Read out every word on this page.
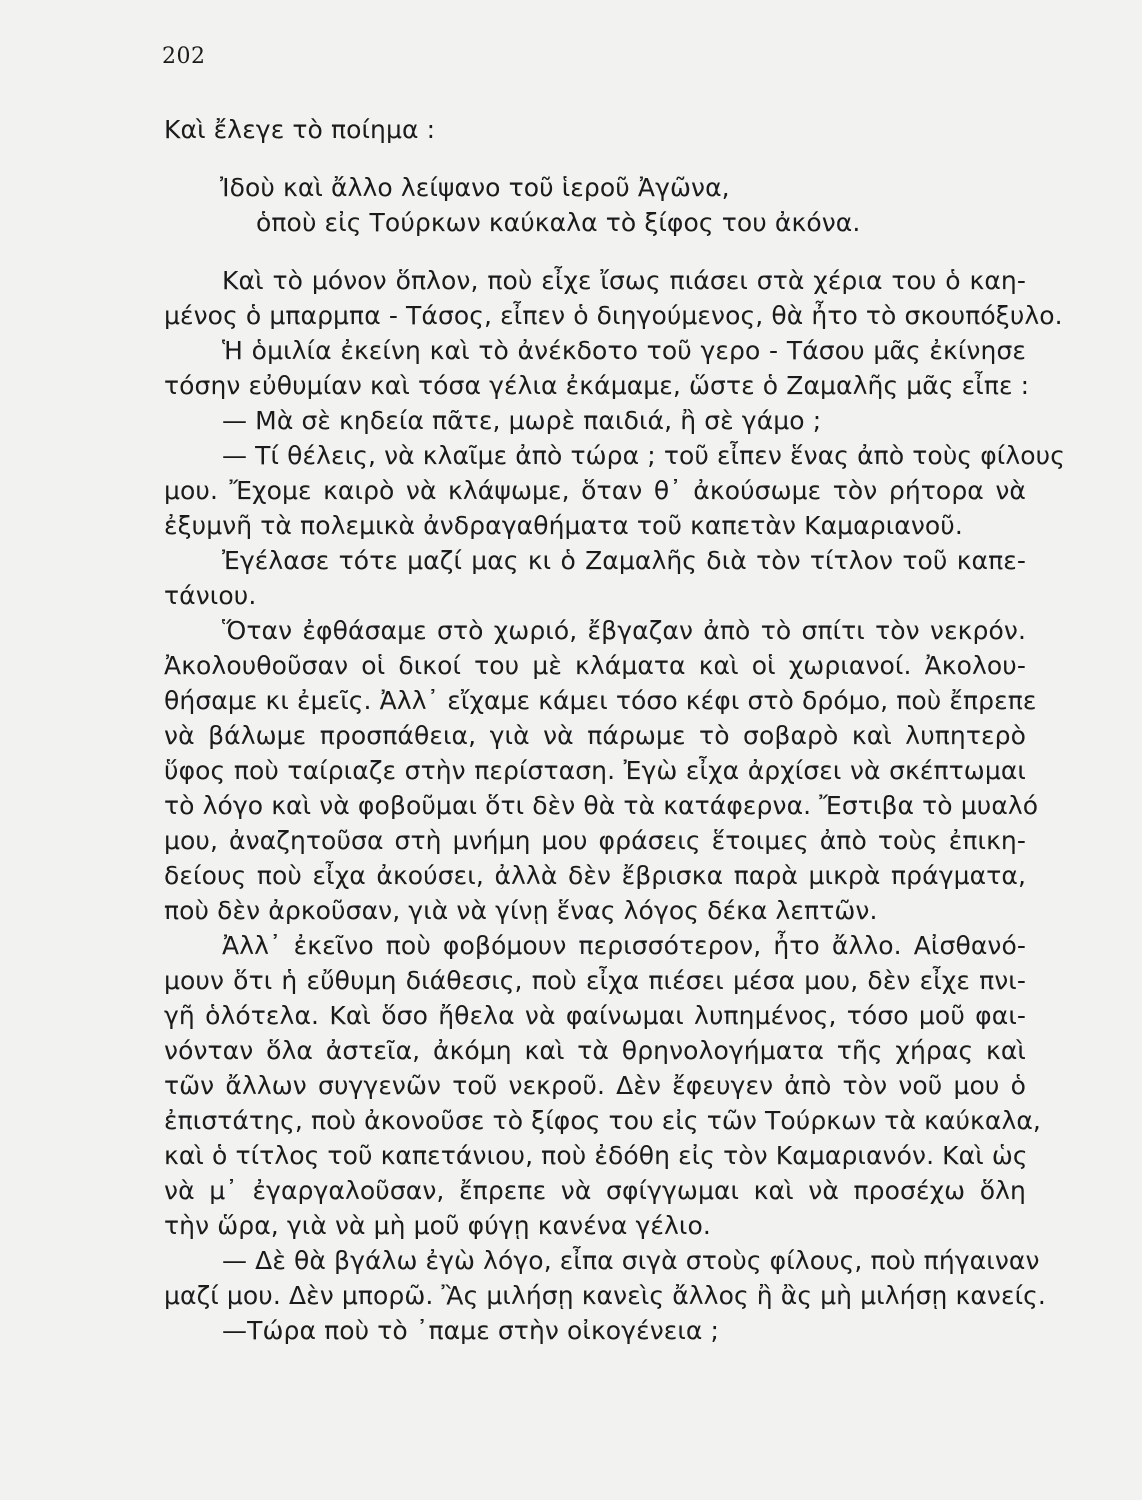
202
Καὶ ἔλεγε τὸ ποίημα :
Ἰδοὺ καὶ ἄλλο λείψανο τοῦ ἱεροῦ Ἀγῶνα,
ὁποὺ εἰς Τούρκων καύκαλα τὸ ξίφος του ἀκόνα.
Καὶ τὸ μόνον ὅπλον, ποὺ εἶχε ἴσως πιάσει στὰ χέρια του ὁ καη-
μένος ὁ μπαρμπα - Τάσος, εἶπεν ὁ διηγούμενος, θὰ ἦτο τὸ σκουπόξυλο.
Ἡ ὁμιλία ἐκείνη καὶ τὸ ἀνέκδοτο τοῦ γερο - Τάσου μᾶς ἐκίνησε
τόσην εὐθυμίαν καὶ τόσα γέλια ἐκάμαμε, ὥστε ὁ Ζαμαλῆς μᾶς εἶπε :
— Μὰ σὲ κηδεία πᾶτε, μωρὲ παιδιά, ἢ σὲ γάμο ;
— Τί θέλεις, νὰ κλαῖμε ἀπὸ τώρα ; τοῦ εἶπεν ἕνας ἀπὸ τοὺς φίλους
μου. Ἔχομε καιρὸ νὰ κλάψωμε, ὅταν θ᾽ ἀκούσωμε τὸν ρήτορα νὰ
ἐξυμνῆ τὰ πολεμικὰ ἀνδραγαθήματα τοῦ καπετὰν Καμαριανοῦ.
Ἐγέλασε τότε μαζί μας κι ὁ Ζαμαλῆς διὰ τὸν τίτλον τοῦ καπε-
τάνιου.
Ὅταν ἐφθάσαμε στὸ χωριό, ἔβγαζαν ἀπὸ τὸ σπίτι τὸν νεκρόν.
Ἀκολουθοῦσαν οἱ δικοί του μὲ κλάματα καὶ οἱ χωριανοί. Ἀκολου-
θήσαμε κι ἐμεῖς. Ἀλλ᾽ εἴχαμε κάμει τόσο κέφι στὸ δρόμο, ποὺ ἔπρεπε
νὰ βάλωμε προσπάθεια, γιὰ νὰ πάρωμε τὸ σοβαρὸ καὶ λυπητερὸ
ὕφος ποὺ ταίριαζε στὴν περίσταση. Ἐγὼ εἶχα ἀρχίσει νὰ σκέπτωμαι
τὸ λόγο καὶ νὰ φοβοῦμαι ὅτι δὲν θὰ τὰ κατάφερνα. Ἔστιβα τὸ μυαλό
μου, ἀναζητοῦσα στὴ μνήμη μου φράσεις ἕτοιμες ἀπὸ τοὺς ἐπικη-
δείους ποὺ εἶχα ἀκούσει, ἀλλὰ δὲν ἔβρισκα παρὰ μικρὰ πράγματα,
ποὺ δὲν ἀρκοῦσαν, γιὰ νὰ γίνῃ ἕνας λόγος δέκα λεπτῶν.
Ἀλλ᾽ ἐκεῖνο ποὺ φοβόμουν περισσότερον, ἦτο ἄλλο. Αἰσθανό-
μουν ὅτι ἡ εὔθυμη διάθεσις, ποὺ εἶχα πιέσει μέσα μου, δὲν εἶχε πνι-
γῆ ὁλότελα. Καὶ ὅσο ἤθελα νὰ φαίνωμαι λυπημένος, τόσο μοῦ φαι-
νόνταν ὅλα ἀστεῖα, ἀκόμη καὶ τὰ θρηνολογήματα τῆς χήρας καὶ
τῶν ἄλλων συγγενῶν τοῦ νεκροῦ. Δὲν ἔφευγεν ἀπὸ τὸν νοῦ μου ὁ
ἐπιστάτης, ποὺ ἀκονοῦσε τὸ ξίφος του εἰς τῶν Τούρκων τὰ καύκαλα,
καὶ ὁ τίτλος τοῦ καπετάνιου, ποὺ ἐδόθη εἰς τὸν Καμαριανόν. Καὶ ὡς
νὰ μ᾽ ἐγαργαλοῦσαν, ἔπρεπε νὰ σφίγγωμαι καὶ νὰ προσέχω ὅλη
τὴν ὥρα, γιὰ νὰ μὴ μοῦ φύγῃ κανένα γέλιο.
— Δὲ θὰ βγάλω ἐγὼ λόγο, εἶπα σιγὰ στοὺς φίλους, ποὺ πήγαιναν
μαζί μου. Δὲν μπορῶ. Ἂς μιλήσῃ κανεὶς ἄλλος ἢ ἂς μὴ μιλήσῃ κανείς.
—Τώρα ποὺ τὸ ᾽παμε στὴν οἰκογένεια ;
